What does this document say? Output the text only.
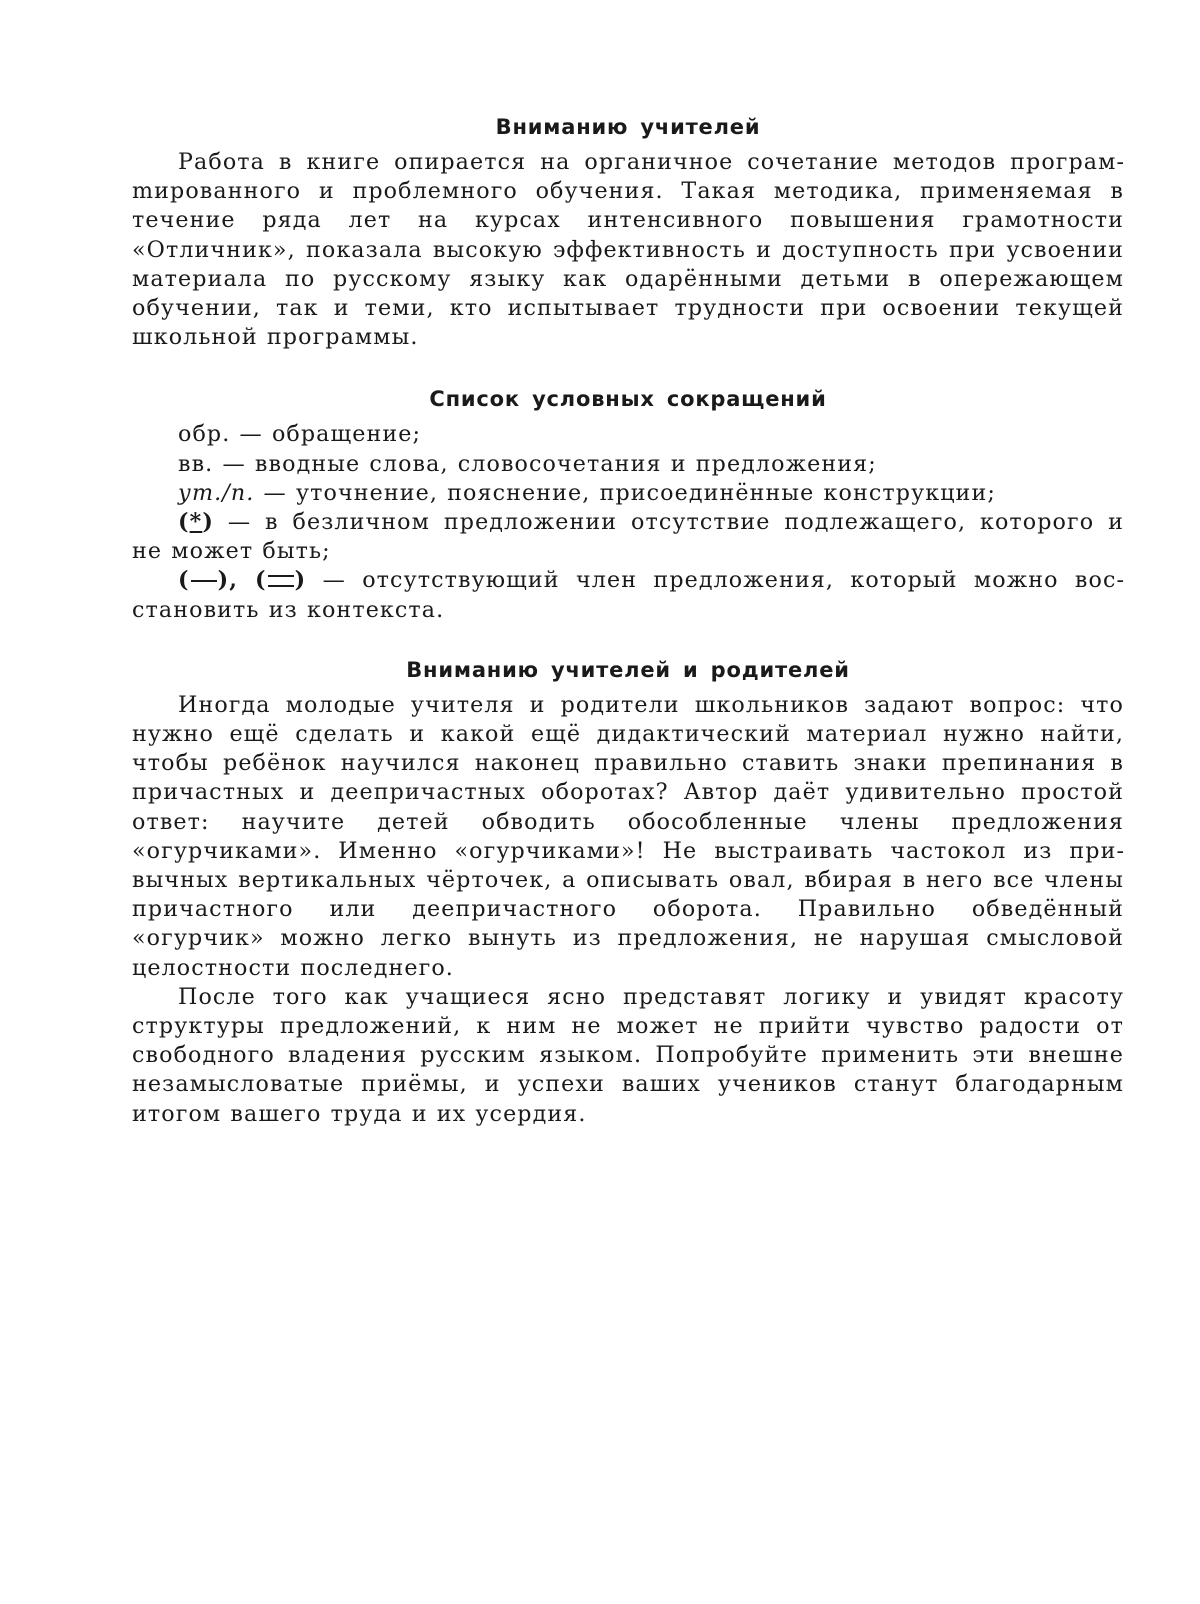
Вниманию учителей

Работа в книге опирается на органичное сочетание методов програмmированного и проблемного обучения. Такая методика, применяемая в течение ряда лет на курсах интенсивного повышения грамотности «Отличник», показала высокую эффективность и доступность при усвоении материала по русскому языку как одарёнными детьми в опережающем обучении, так и теми, кто испытывает трудности при освоении текущей школьной программы.

Список условных сокращений

обр. — обращение;

вв. — вводные слова, словосочетания и предложения;

ут./п. — уточнение, пояснение, присоединённые конструкции;

(*) — в безличном предложении отсутствие подлежащего, которого и не может быть;

( ), ( ) — отсутствующий член предложения, который можно восстановить из контекста.

Вниманию учителей и родителей

Иногда молодые учителя и родители школьников задают вопрос: что нужно ещё сделать и какой ещё дидактический материал нужно найти, чтобы ребёнок научился наконец правильно ставить знаки препинания в причастных и деепричастных оборотах? Автор даёт удивительно простой ответ: научите детей обводить обособленные члены предложения «огурчиками». Именно «огурчиками»! Не выстраивать частокол из привычных вертикальных чёрточек, а описывать овал, вбирая в него все члены причастного или деепричастного оборота. Правильно обведённый «огурчик» можно легко вынуть из предложения, не нарушая смысловой целостности последнего.

После того как учащиеся ясно представят логику и увидят красоту структуры предложений, к ним не может не прийти чувство радости от свободного владения русским языком. Попробуйте применить эти внешне незамысловатые приёмы, и успехи ваших учеников станут благодарным итогом вашего труда и их усердия.
